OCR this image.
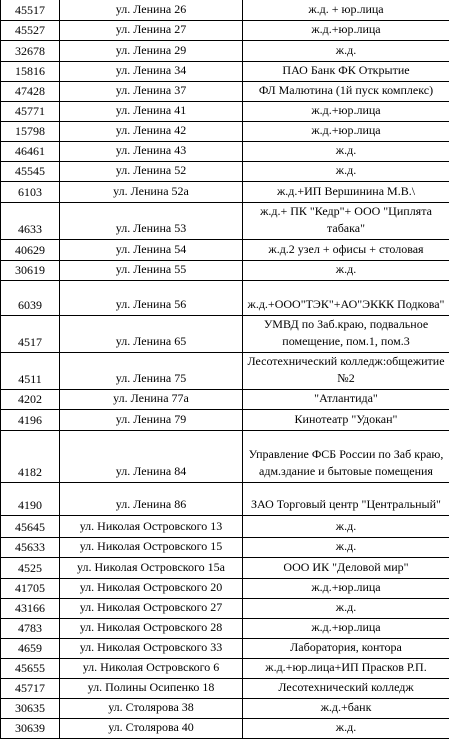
45517	ул. Ленина 26	ж.д. + юр.лица
45527	ул. Ленина 27	ж.д.+юр.лица
32678	ул. Ленина 29	ж.д.
15816	ул. Ленина 34	ПАО Банк ФК Открытие
47428	ул. Ленина 37	ФЛ Малютина (1й пуск комплекс)
45771	ул. Ленина 41	ж.д.+юр.лица
15798	ул. Ленина 42	ж.д.+юр.лица
46461	ул. Ленина 43	ж.д.
45545	ул. Ленина 52	ж.д.
6103	ул. Ленина 52а	ж.д.+ИП Вершинина М.В.\
4633	ул. Ленина 53	ж.д.+ ПК "Кедр"+ ООО "Циплята табака"
40629	ул. Ленина 54	ж.д.2 узел + офисы + столовая
30619	ул. Ленина 55	ж.д.
6039	ул. Ленина 56	ж.д.+ООО"ТЭК"+АО"ЭККК Подкова"
4517	ул. Ленина 65	УМВД по Заб.краю, подвальное помещение, пом.1, пом.3
4511	ул. Ленина 75	Лесотехнический колледж:общежитие №2
4202	ул. Ленина 77а	"Атлантида"
4196	ул. Ленина 79	Кинотеатр "Удокан"
4182	ул. Ленина 84	Управление ФСБ России по Заб краю, адм.здание и бытовые помещения
4190	ул. Ленина 86	ЗАО Торговый центр "Центральный"
45645	ул. Николая Островского 13	ж.д.
45633	ул. Николая Островского 15	ж.д.
4525	ул. Николая Островского 15а	ООО ИК "Деловой мир"
41705	ул. Николая Островского 20	ж.д.+юр.лица
43166	ул. Николая Островского 27	ж.д.
4783	ул. Николая Островского 28	ж.д.+юр.лица
4659	ул. Николая Островского 33	Лаборатория, контора
45655	ул. Николая Островского 6	ж.д.+юр.лица+ИП Прасков Р.П.
45717	ул. Полины Осипенко 18	Лесотехнический колледж
30635	ул. Столярова 38	ж.д.+банк
30639	ул. Столярова 40	ж.д.
